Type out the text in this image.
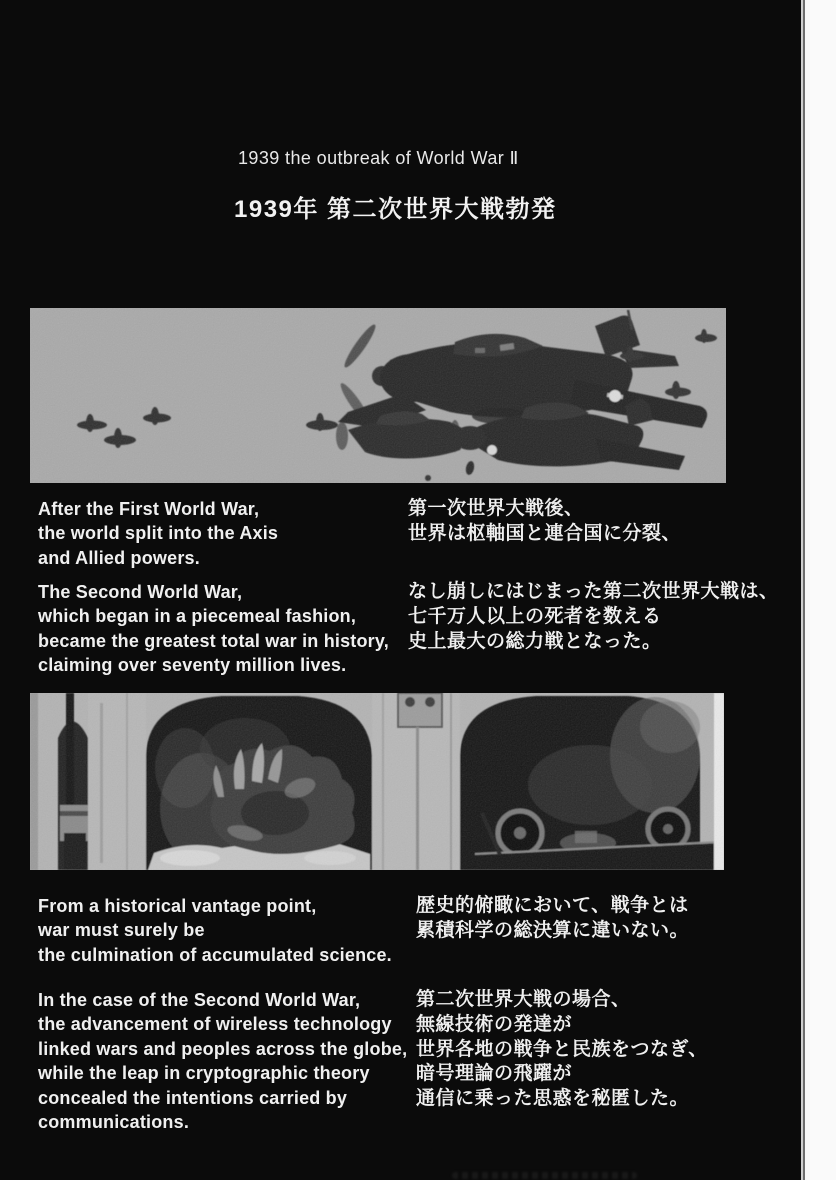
1939 the outbreak of World War Ⅱ
1939年 第二次世界大戦勃発
After the First World War,
the world split into the Axis
and Allied powers.
The Second World War,
which began in a piecemeal fashion,
became the greatest total war in history,
claiming over seventy million lives.
第一次世界大戦後、
世界は枢軸国と連合国に分裂、
なし崩しにはじまった第二次世界大戦は、
七千万人以上の死者を数える
史上最大の総力戦となった。
From a historical vantage point,
war must surely be
the culmination of accumulated science.
In the case of the Second World War,
the advancement of wireless technology
linked wars and peoples across the globe,
while the leap in cryptographic theory
concealed the intentions carried by
communications.
歴史的俯瞰において、戦争とは
累積科学の総決算に違いない。
第二次世界大戦の場合、
無線技術の発達が
世界各地の戦争と民族をつなぎ、
暗号理論の飛躍が
通信に乗った思惑を秘匿した。
